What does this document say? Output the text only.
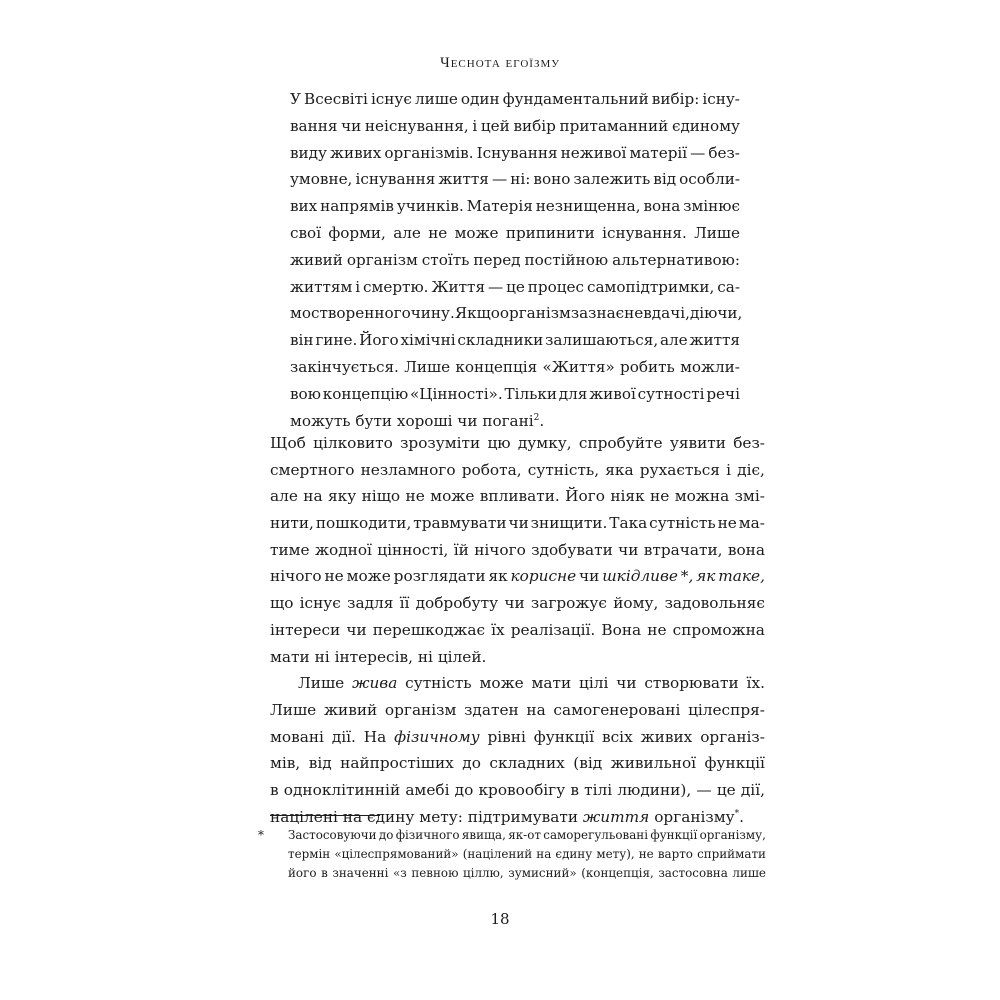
Чеснота егоїзму
У Всесвіті існує лише один фундаментальний вибір: існу-
вання чи неіснування, і цей вибір притаманний єдиному
виду живих організмів. Існування неживої матерії — без-
умовне, існування життя — ні: воно залежить від особли-
вих напрямів учинків. Матерія незнищенна, вона змінює
свої форми, але не може припинити існування. Лише
живий організм стоїть перед постійною альтернативою:
життям і смертю. Життя — це процес самопідтримки, са-
мостворенного чину. Якщо організм зазнає невдачі, діючи,
він гине. Його хімічні складники залишаються, але життя
закінчується. Лише концепція «Життя» робить можли-
вою концепцію «Цінності». Тільки для живої сутності речі
можуть бути хороші чи погані$^2$.
Щоб цілковито зрозуміти цю думку, спробуйте уявити без-
смертного незламного робота, сутність, яка рухається і діє,
але на яку ніщо не може впливати. Його ніяк не можна змі-
нити, пошкодити, травмувати чи знищити. Така сутність не ма-
тиме жодної цінності, їй нічого здобувати чи втрачати, вона
нічого не може розглядати як корисне чи шкідливе *, як таке,
що існує задля її добробуту чи загрожує йому, задовольняє
інтереси чи перешкоджає їх реалізації. Вона не спроможна
мати ні інтересів, ні цілей.
Лише жива сутність може мати цілі чи створювати їх.
Лише живий організм здатен на самогенеровані цілеспря-
мовані дії. На фізичному рівні функції всіх живих організ-
мів, від найпростіших до складних (від живильної функції
в одноклітинній амебі до кровообігу в тілі людини), — це дії,
націлені на єдину мету: підтримувати життя організму*.
* Застосовуючи до фізичного явища, як-от саморегульовані функції організму,
термін «цілеспрямований» (націлений на єдину мету), не варто сприймати
його в значенні «з певною ціллю, зумисний» (концепція, застосовна лише
18
